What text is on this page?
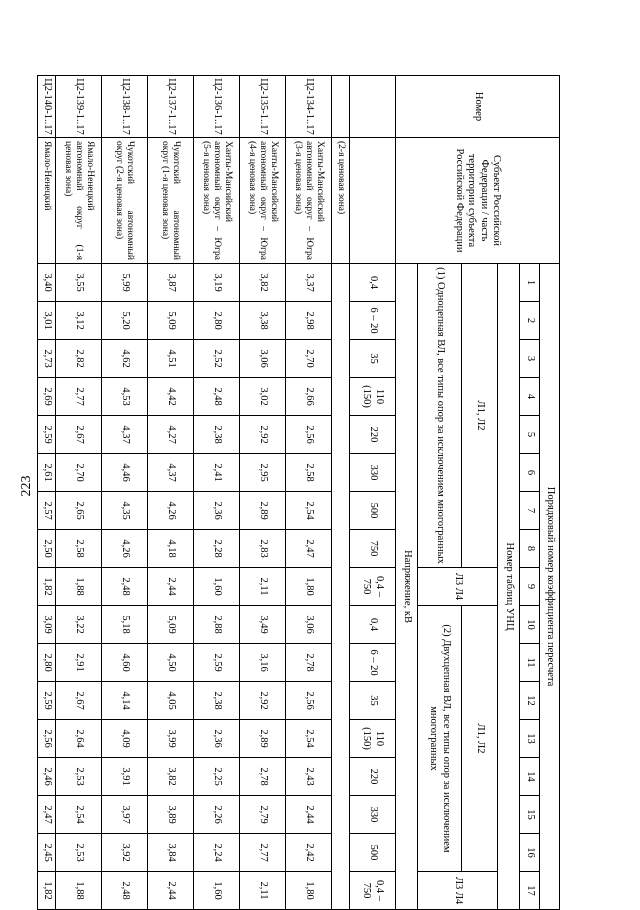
223
Номер	Субъект Российской Федерации / часть территории субъекта Российской Федерации	Порядковый номер коэффициента пересчета																
		1	2	3	4	5	6	7	8	9	10	11	12	13	14	15	16	17
		Номер таблиц УНЦ																
		Л1, Л2								Л3 Л4	Л1, Л2							Л3 Л4
		(1) Одноцепная ВЛ, все типы опор за исключением многогранных									(2) Двухцепная ВЛ, все типы опор за исключением многогранных							
		Напряжение, кВ																
		0,4	6 – 20	35	110 (150)	220	330	500	750	0,4 – 750	0,4	6 – 20	35	110 (150)	220	330	500	0,4 – 750
	(2-я ценовая зона)																	
Ц2-134-1..17	Ханты-Мансийский автономный округ – Югра (3-я ценовая зона)	3,37	2,98	2,70	2,66	2,56	2,58	2,54	2,47	1,80	3,06	2,78	2,56	2,54	2,43	2,44	2,42	1,80
Ц2-135-1..17	Ханты-Мансийский автономный округ – Югра (4-я ценовая зона)	3,82	3,38	3,06	3,02	2,92	2,95	2,89	2,83	2,11	3,49	3,16	2,92	2,89	2,78	2,79	2,77	2,11
Ц2-136-1..17	Ханты-Мансийский автономный округ – Югра (5-я ценовая зона)	3,19	2,80	2,52	2,48	2,38	2,41	2,36	2,28	1,60	2,88	2,59	2,38	2,36	2,25	2,26	2,24	1,60
Ц2-137-1..17	Чукотский автономный округ (1-я ценовая зона)	3,87	5,09	4,51	4,42	4,27	4,37	4,26	4,18	2,44	5,09	4,50	4,05	3,99	3,82	3,89	3,84	2,44
Ц2-138-1..17	Чукотский автономный округ (2-я ценовая зона)	5,99	5,20	4,62	4,53	4,37	4,46	4,35	4,26	2,48	5,18	4,60	4,14	4,09	3,91	3,97	3,92	2,48
Ц2-139-1..17	Ямало-Ненецкий автономный округ (1-я ценовая зона)	3,55	3,12	2,82	2,77	2,67	2,70	2,65	2,58	1,88	3,22	2,91	2,67	2,64	2,53	2,54	2,53	1,88
Ц2-140-1..17	Ямало-Ненецкий	3,40	3,01	2,73	2,69	2,59	2,61	2,57	2,50	1,82	3,09	2,80	2,59	2,56	2,46	2,47	2,45	1,82
